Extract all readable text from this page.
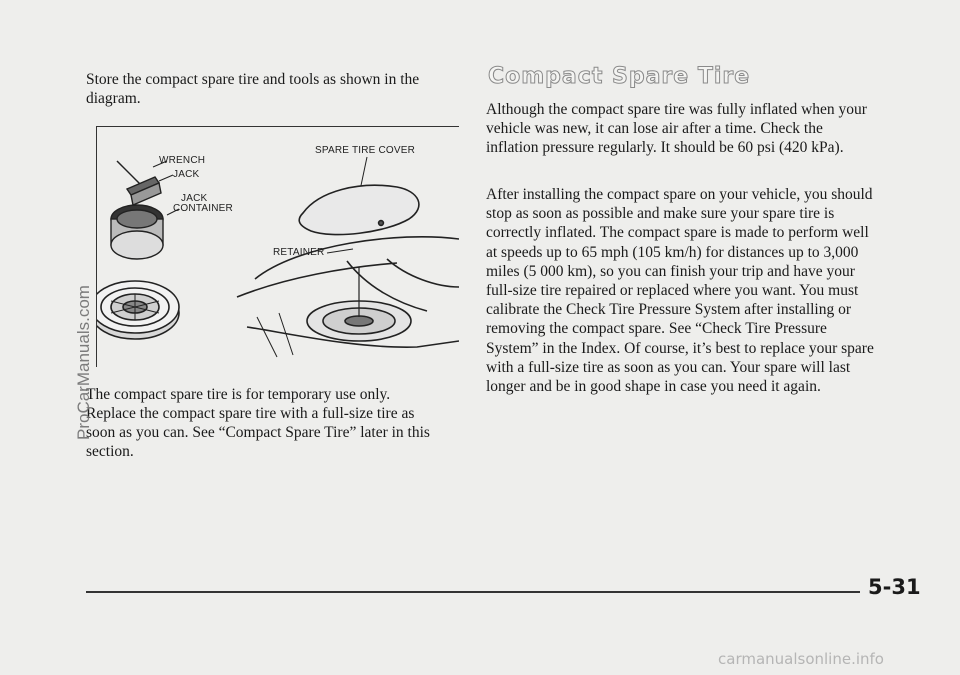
Store the compact spare tire and tools as shown in the diagram.

WRENCH
JACK
JACK
CONTAINER
SPARE TIRE COVER
RETAINER

The compact spare tire is for temporary use only. Replace the compact spare tire with a full-size tire as soon as you can. See “Compact Spare Tire” later in this section.

Compact Spare Tire

Although the compact spare tire was fully inflated when your vehicle was new, it can lose air after a time. Check the inflation pressure regularly. It should be 60 psi (420 kPa).

After installing the compact spare on your vehicle, you should stop as soon as possible and make sure your spare tire is correctly inflated. The compact spare is made to perform well at speeds up to 65 mph (105 km/h) for distances up to 3,000 miles (5 000 km), so you can finish your trip and have your full-size tire repaired or replaced where you want. You must calibrate the Check Tire Pressure System after installing or removing the compact spare. See “Check Tire Pressure System” in the Index. Of course, it’s best to replace your spare with a full-size tire as soon as you can. Your spare will last longer and be in good shape in case you need it again.

ProCarManuals.com
5-31
carmanualsonline.info
